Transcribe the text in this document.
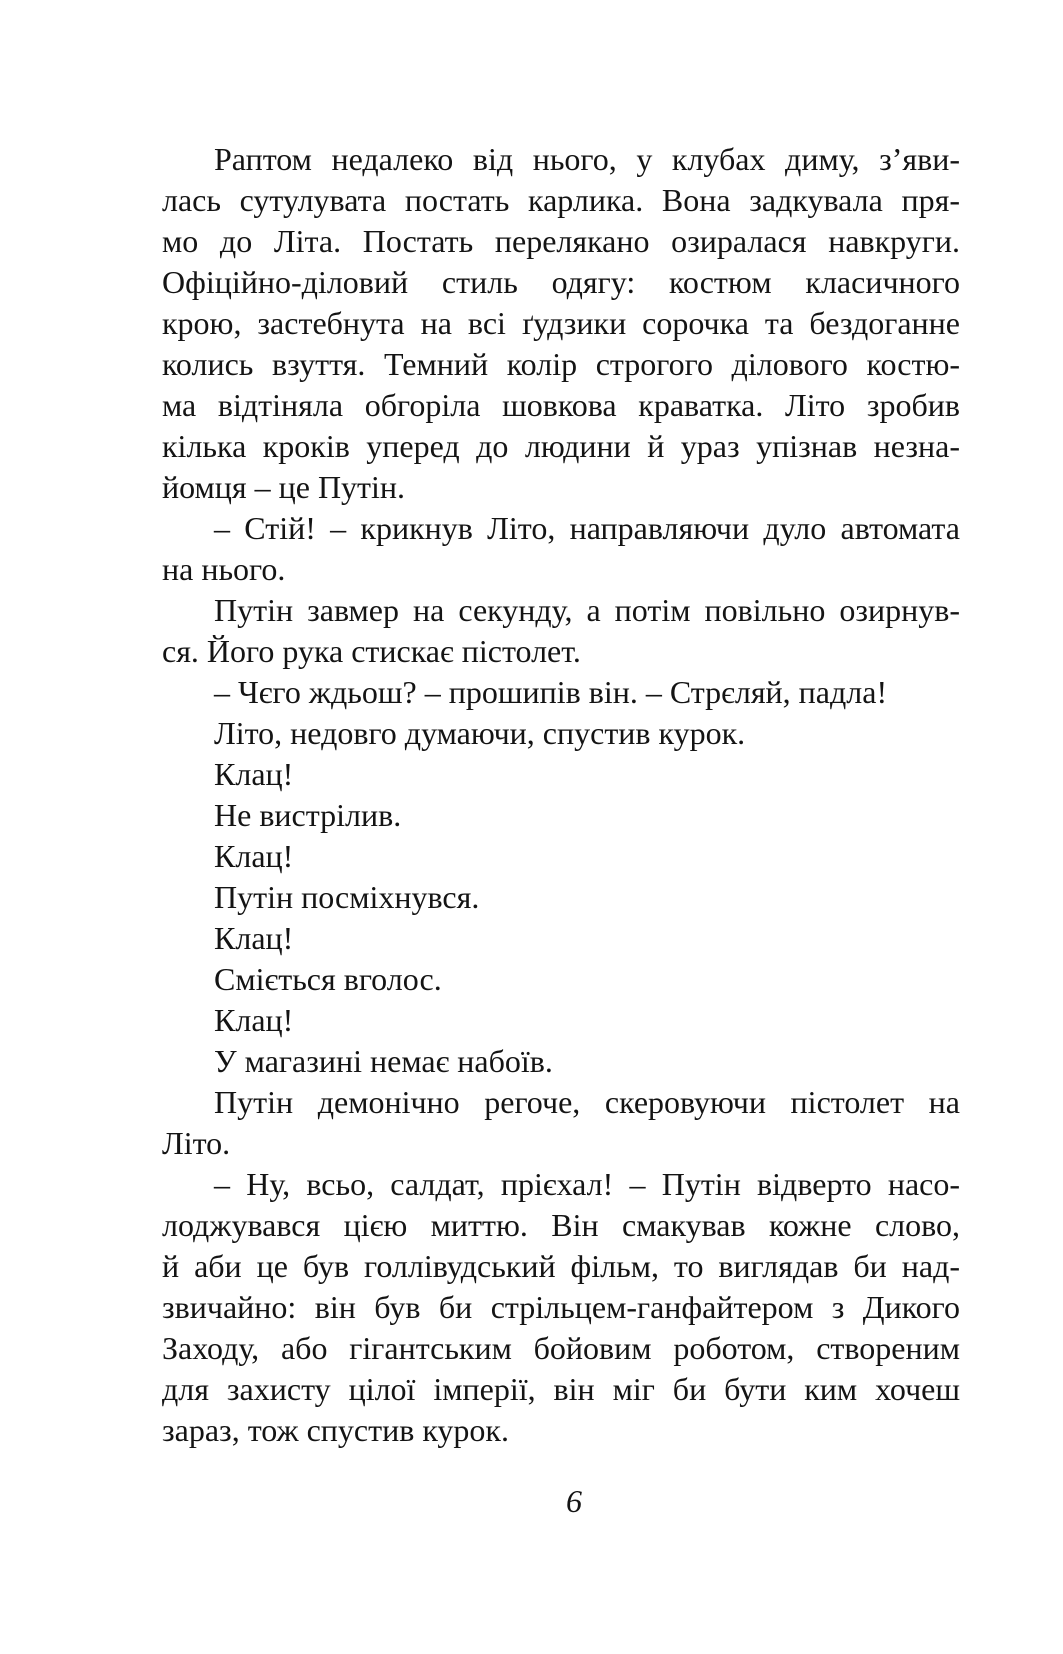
Раптом недалеко від нього, у клубах диму, з’яви-
лась сутулувата постать карлика. Вона задкувала пря-
мо до Літа. Постать перелякано озиралася навкруги.
Офіційно-діловий стиль одягу: костюм класичного
крою, застебнута на всі ґудзики сорочка та бездоганне
колись взуття. Темний колір строгого ділового костю-
ма відтіняла обгоріла шовкова краватка. Літо зробив
кілька кроків уперед до людини й ураз упізнав незна-
йомця – це Путін.
– Стій! – крикнув Літо, направляючи дуло автомата
на нього.
Путін завмер на секунду, а потім повільно озирнув-
ся. Його рука стискає пістолет.
– Чєго ждьош? – прошипів він. – Стрєляй, падла!
Літо, недовго думаючи, спустив курок.
Клац!
Не вистрілив.
Клац!
Путін посміхнувся.
Клац!
Сміється вголос.
Клац!
У магазині немає набоїв.
Путін демонічно регоче, скеровуючи пістолет на
Літо.
– Ну, всьо, салдат, прієхал! – Путін відверто насо-
лоджувався цією миттю. Він смакував кожне слово,
й аби це був голлівудський фільм, то виглядав би над-
звичайно: він був би стрільцем-ганфайтером з Дикого
Заходу, або гігантським бойовим роботом, створеним
для захисту цілої імперії, він міг би бути ким хочеш
зараз, тож спустив курок.
6
